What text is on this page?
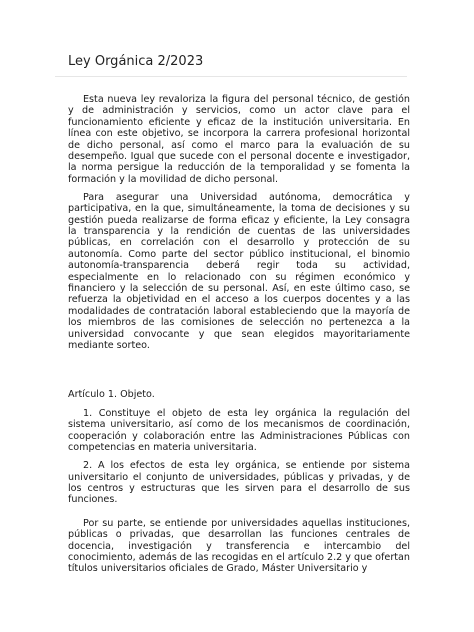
Ley Orgánica 2/2023

Esta nueva ley revaloriza la figura del personal técnico, de gestión y de administración y servicios, como un actor clave para el funcionamiento eficiente y eficaz de la institución universitaria. En línea con este objetivo, se incorpora la carrera profesional horizontal de dicho personal, así como el marco para la evaluación de su desempeño. Igual que sucede con el personal docente e investigador, la norma persigue la reducción de la temporalidad y se fomenta la formación y la movilidad de dicho personal.

Para asegurar una Universidad autónoma, democrática y participativa, en la que, simultáneamente, la toma de decisiones y su gestión pueda realizarse de forma eficaz y eficiente, la Ley consagra la transparencia y la rendición de cuentas de las universidades públicas, en correlación con el desarrollo y protección de su autonomía. Como parte del sector público institucional, el binomio autonomía-transparencia deberá regir toda su actividad, especialmente en lo relacionado con su régimen económico y financiero y la selección de su personal. Así, en este último caso, se refuerza la objetividad en el acceso a los cuerpos docentes y a las modalidades de contratación laboral estableciendo que la mayoría de los miembros de las comisiones de selección no pertenezca a la universidad convocante y que sean elegidos mayoritariamente mediante sorteo.

Artículo 1. Objeto.

1. Constituye el objeto de esta ley orgánica la regulación del sistema universitario, así como de los mecanismos de coordinación, cooperación y colaboración entre las Administraciones Públicas con competencias en materia universitaria.

2. A los efectos de esta ley orgánica, se entiende por sistema universitario el conjunto de universidades, públicas y privadas, y de los centros y estructuras que les sirven para el desarrollo de sus funciones.

Por su parte, se entiende por universidades aquellas instituciones, públicas o privadas, que desarrollan las funciones centrales de docencia, investigación y transferencia e intercambio del conocimiento, además de las recogidas en el artículo 2.2 y que ofertan títulos universitarios oficiales de Grado, Máster Universitario y
